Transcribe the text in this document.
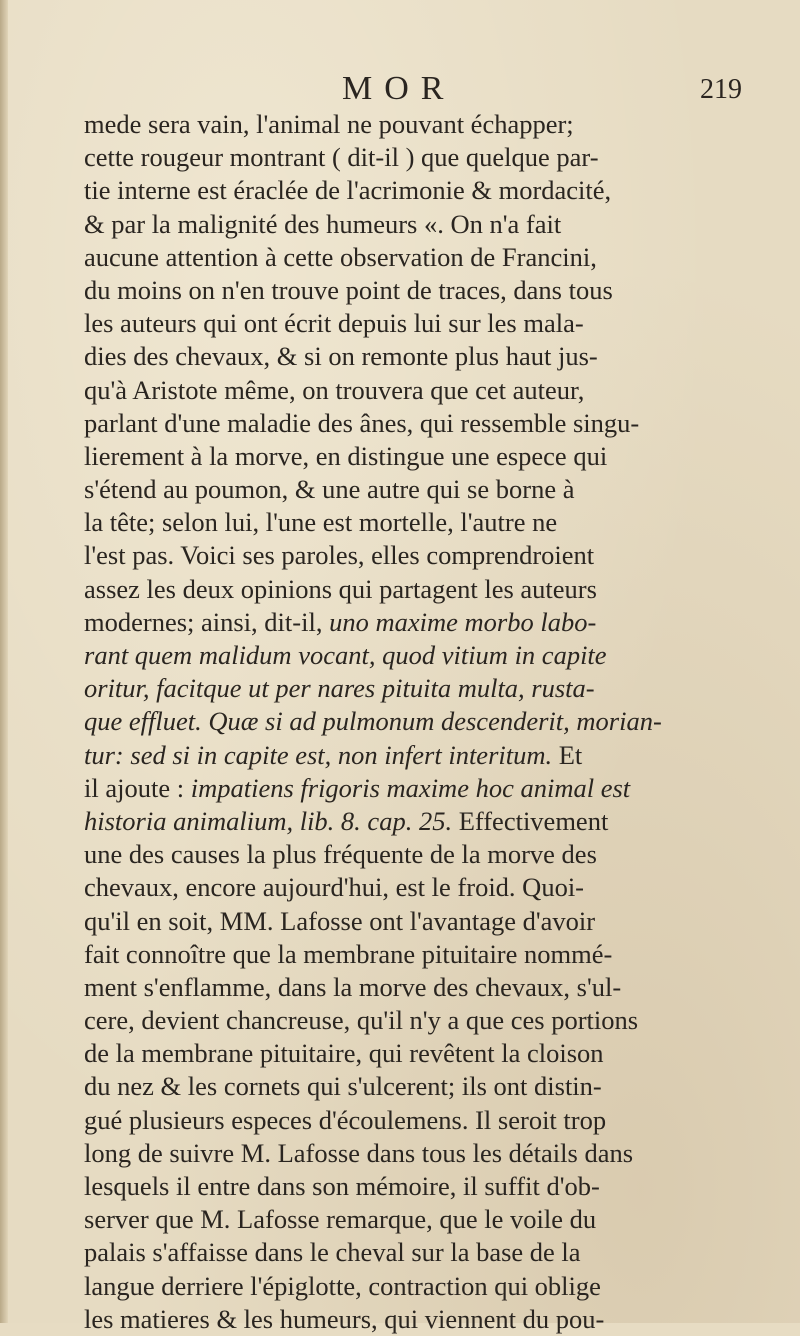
MOR	219
mede sera vain, l'animal ne pouvant échapper;
cette rougeur montrant ( dit-il ) que quelque par-
tie interne est éraclée de l'acrimonie & mordacité,
& par la malignité des humeurs «. On n'a fait
aucune attention à cette observation de Francini,
du moins on n'en trouve point de traces, dans tous
les auteurs qui ont écrit depuis lui sur les mala-
dies des chevaux, & si on remonte plus haut jus-
qu'à Aristote même, on trouvera que cet auteur,
parlant d'une maladie des ânes, qui ressemble singu-
lierement à la morve, en distingue une espece qui
s'étend au poumon, & une autre qui se borne à
la tête; selon lui, l'une est mortelle, l'autre ne
l'est pas. Voici ses paroles, elles comprendroient
assez les deux opinions qui partagent les auteurs
modernes; ainsi, dit-il, uno maxime morbo labo-
rant quem malidum vocant, quod vitium in capite
oritur, facitque ut per nares pituita multa, rusta-
que effluet. Quæ si ad pulmonum descenderit, morian-
tur: sed si in capite est, non infert interitum. Et
il ajoute : impatiens frigoris maxime hoc animal est
historia animalium, lib. 8. cap. 25. Effectivement
une des causes la plus fréquente de la morve des
chevaux, encore aujourd'hui, est le froid. Quoi-
qu'il en soit, MM. Lafosse ont l'avantage d'avoir
fait connoître que la membrane pituitaire nommé-
ment s'enflamme, dans la morve des chevaux, s'ul-
cere, devient chancreuse, qu'il n'y a que ces portions
de la membrane pituitaire, qui revêtent la cloison
du nez & les cornets qui s'ulcerent; ils ont distin-
gué plusieurs especes d'écoulemens. Il seroit trop
long de suivre M. Lafosse dans tous les détails dans
lesquels il entre dans son mémoire, il suffit d'ob-
server que M. Lafosse remarque, que le voile du
palais s'affaisse dans le cheval sur la base de la
langue derriere l'épiglotte, contraction qui oblige
les matieres & les humeurs, qui viennent du pou-
